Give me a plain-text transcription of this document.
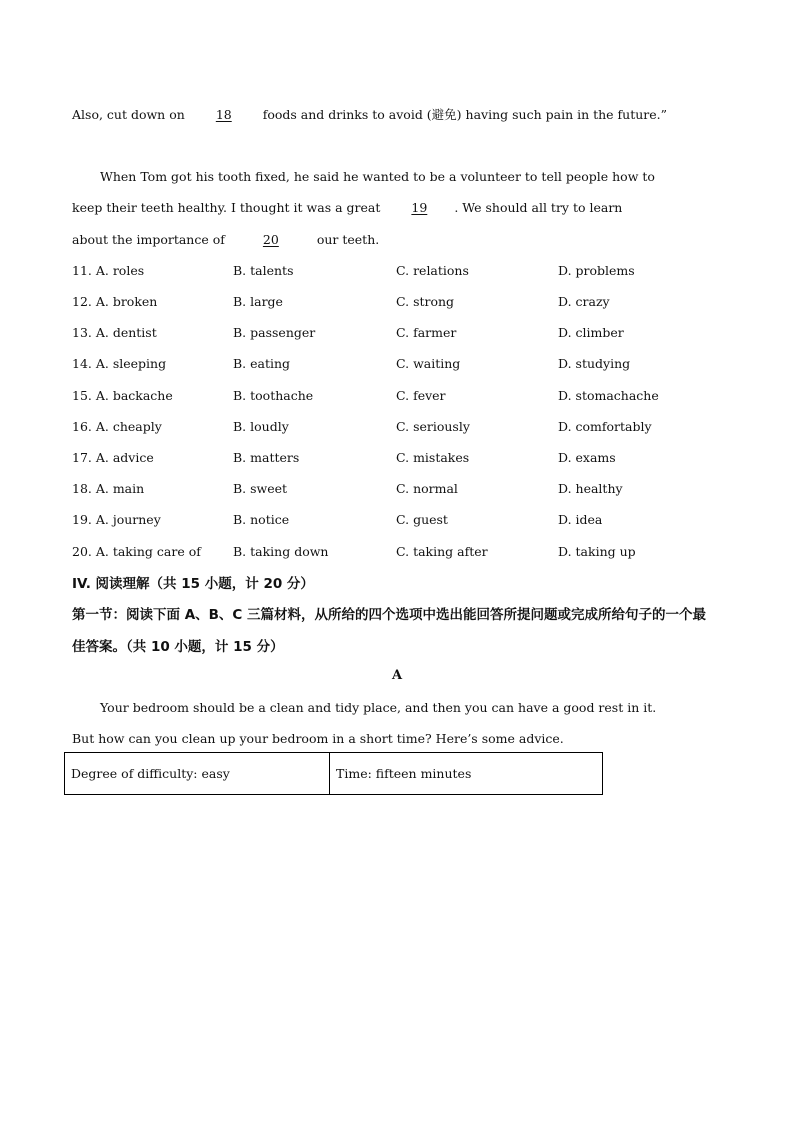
Also, cut down on 18 foods and drinks to avoid (避免) having such pain in the future.”
When Tom got his tooth fixed, he said he wanted to be a volunteer to tell people how to
keep their teeth healthy. I thought it was a great 19 . We should all try to learn
about the importance of	20	our teeth.
11. A. roles	B. talents	C. relations	D. problems
12. A. broken	B. large	C. strong	D. crazy
13. A. dentist	B. passenger	C. farmer	D. climber
14. A. sleeping	B. eating	C. waiting	D. studying
15. A. backache	B. toothache	C. fever	D. stomachache
16. A. cheaply	B. loudly	C. seriously	D. comfortably
17. A. advice	B. matters	C. mistakes	D. exams
18. A. main	B. sweet	C. normal	D. healthy
19. A. journey	B. notice	C. guest	D. idea
20. A. taking care of	B. taking down	C. taking after	D. taking up
IV. 阅读理解（共 15 小题，计 20 分）
第一节：阅读下面 A、B、C 三篇材料，从所给的四个选项中选出能回答所提问题或完成所给句子的一个最
佳答案。（共 10 小题，计 15 分）
A
Your bedroom should be a clean and tidy place, and then you can have a good rest in it.
But how can you clean up your bedroom in a short time? Here’s some advice.
Degree of difficulty: easy	Time: fifteen minutes
